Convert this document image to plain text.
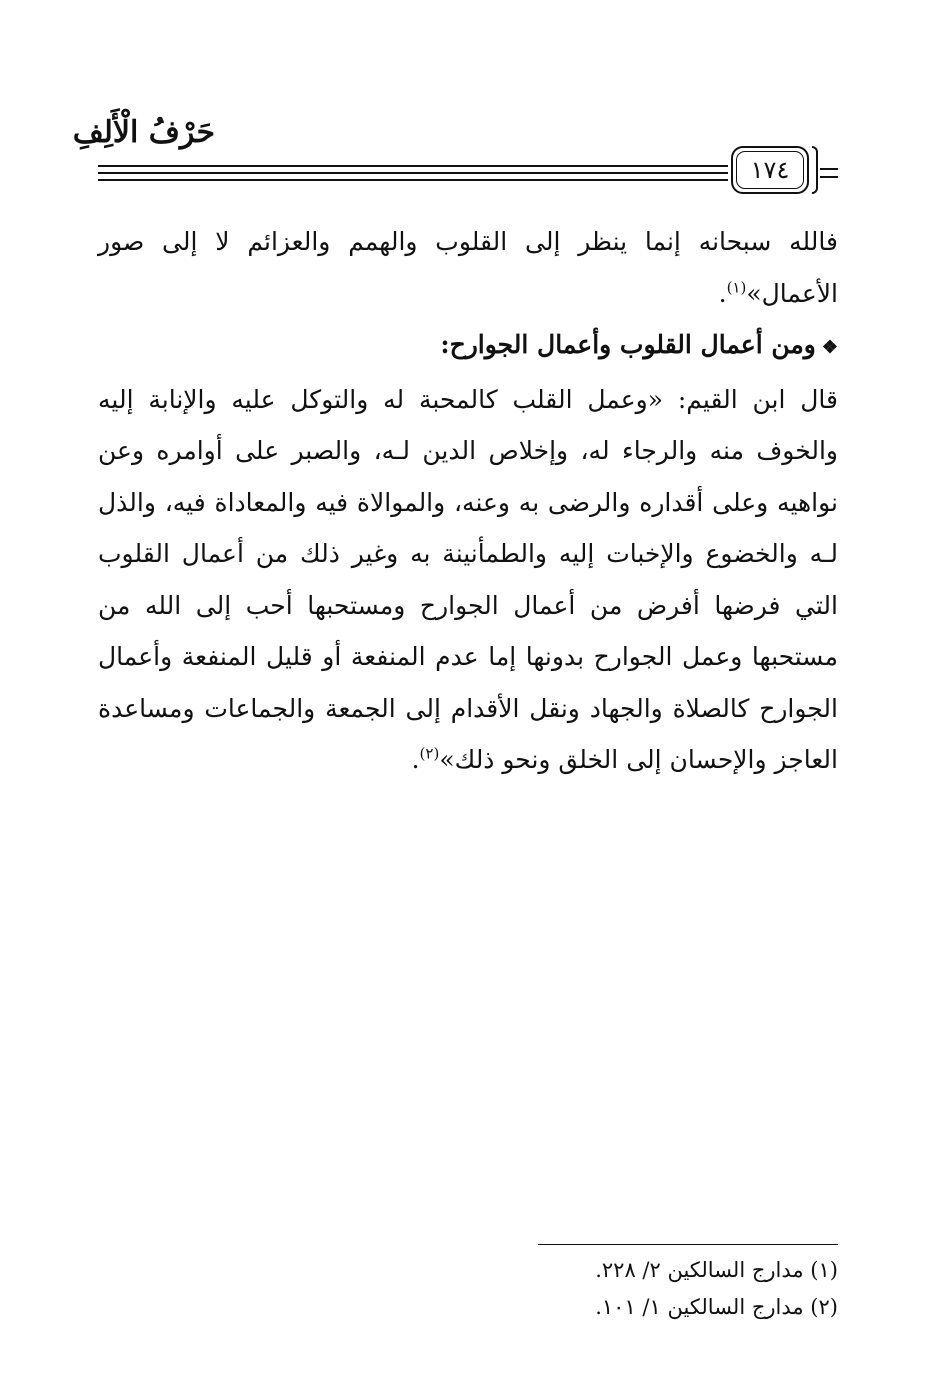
حَرْفُ الْأَلِفِ
١٧٤

فالله سبحانه إنما ينظر إلى القلوب والهمم والعزائم لا إلى صور الأعمال»$^{(١)}$.

❖ومن أعمال القلوب وأعمال الجوارح:

قال ابن القيم: «وعمل القلب كالمحبة له والتوكل عليه والإنابة إليه والخوف منه والرجاء له، وإخلاص الدين لـه، والصبر على أوامره وعن نواهيه وعلى أقداره والرضى به وعنه، والموالاة فيه والمعاداة فيه، والذل لـه والخضوع والإخبات إليه والطمأنينة به وغير ذلك من أعمال القلوب التي فرضها أفرض من أعمال الجوارح ومستحبها أحب إلى الله من مستحبها وعمل الجوارح بدونها إما عدم المنفعة أو قليل المنفعة وأعمال الجوارح كالصلاة والجهاد ونقل الأقدام إلى الجمعة والجماعات ومساعدة العاجز والإحسان إلى الخلق ونحو ذلك»$^{(٢)}$.

(١) مدارج السالكين ٢/ ٢٢٨.
(٢) مدارج السالكين ١/ ١٠١.
